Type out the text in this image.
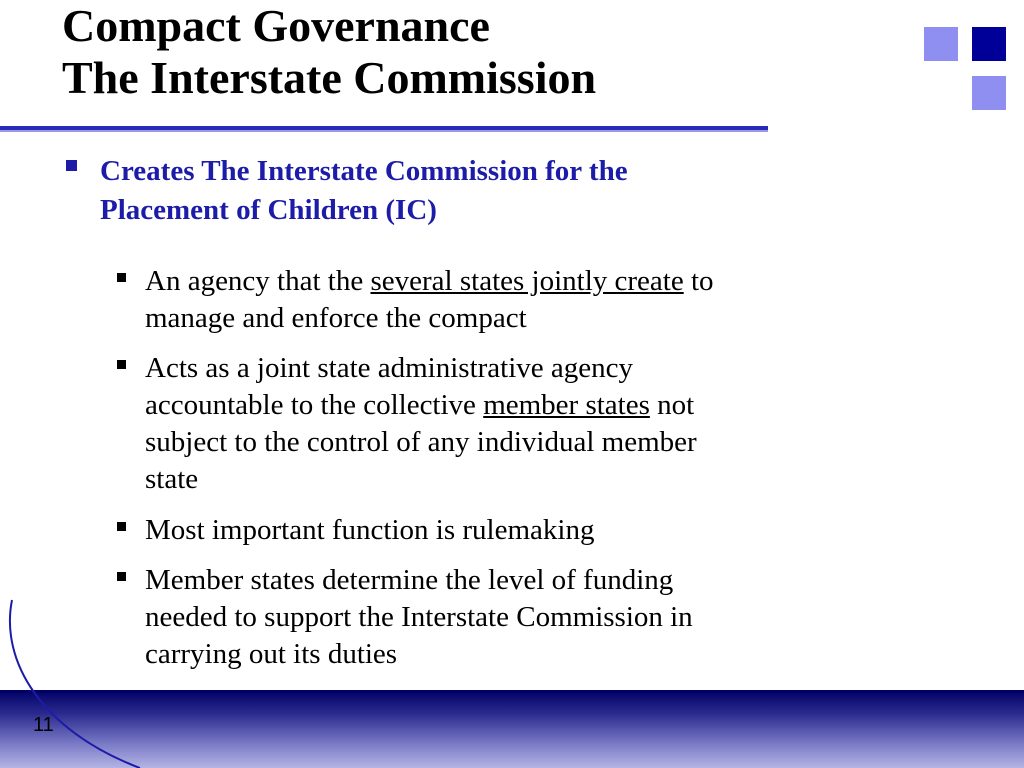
Compact Governance
The Interstate Commission
Creates The Interstate Commission for the
Placement of Children (IC)
An agency that the several states jointly create to
manage and enforce the compact
Acts as a joint state administrative agency
accountable to the collective member states not
subject to the control of any individual member
state
Most important function is rulemaking
Member states determine the level of funding
needed to support the Interstate Commission in
carrying out its duties
11
